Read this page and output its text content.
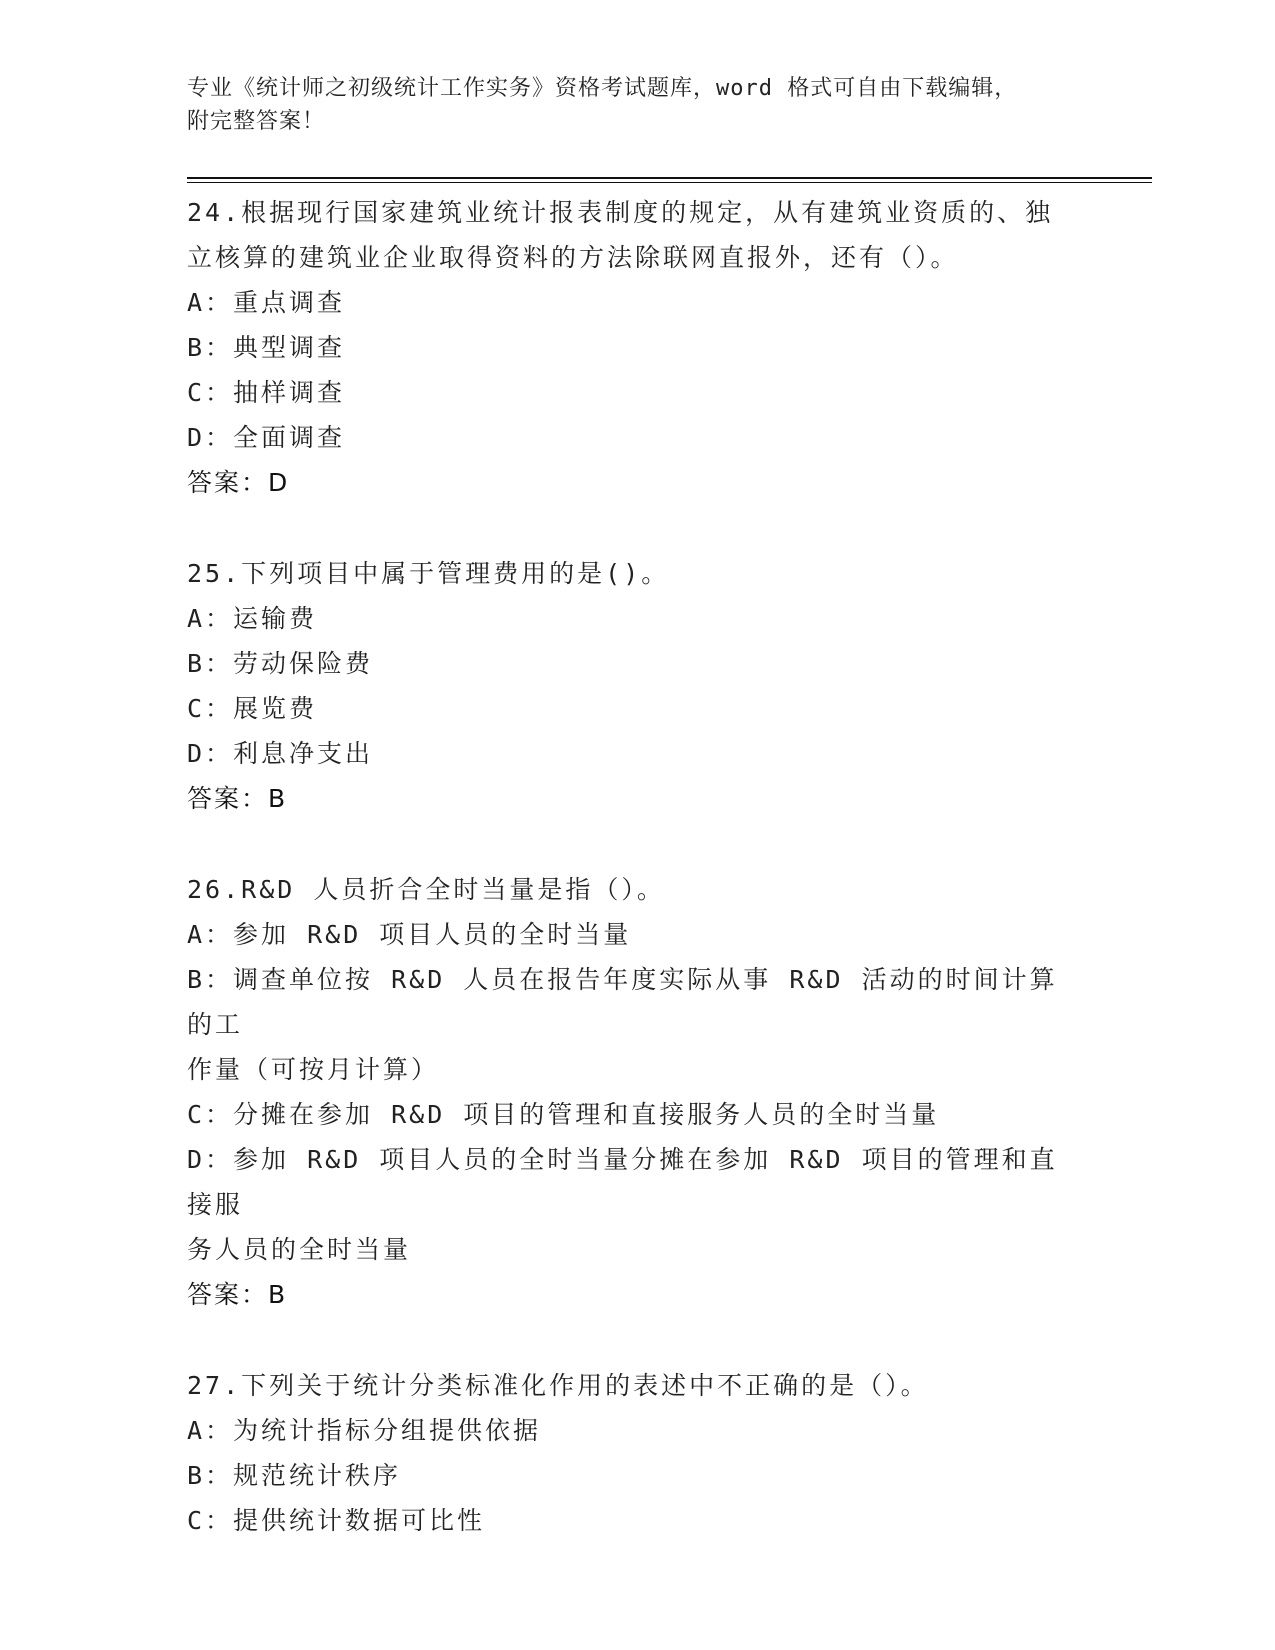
专业《统计师之初级统计工作实务》资格考试题库，word 格式可自由下载编辑，
附完整答案！
24.根据现行国家建筑业统计报表制度的规定，从有建筑业资质的、独
立核算的建筑业企业取得资料的方法除联网直报外，还有（）。
A：重点调查
B：典型调查
C：抽样调查
D：全面调查
答案：D
25.下列项目中属于管理费用的是()。
A：运输费
B：劳动保险费
C：展览费
D：利息净支出
答案：B
26.R&D 人员折合全时当量是指（）。
A：参加 R&D 项目人员的全时当量
B：调查单位按 R&D 人员在报告年度实际从事 R&D 活动的时间计算的工
作量（可按月计算）
C：分摊在参加 R&D 项目的管理和直接服务人员的全时当量
D：参加 R&D 项目人员的全时当量分摊在参加 R&D 项目的管理和直接服
务人员的全时当量
答案：B
27.下列关于统计分类标准化作用的表述中不正确的是（）。
A：为统计指标分组提供依据
B：规范统计秩序
C：提供统计数据可比性
